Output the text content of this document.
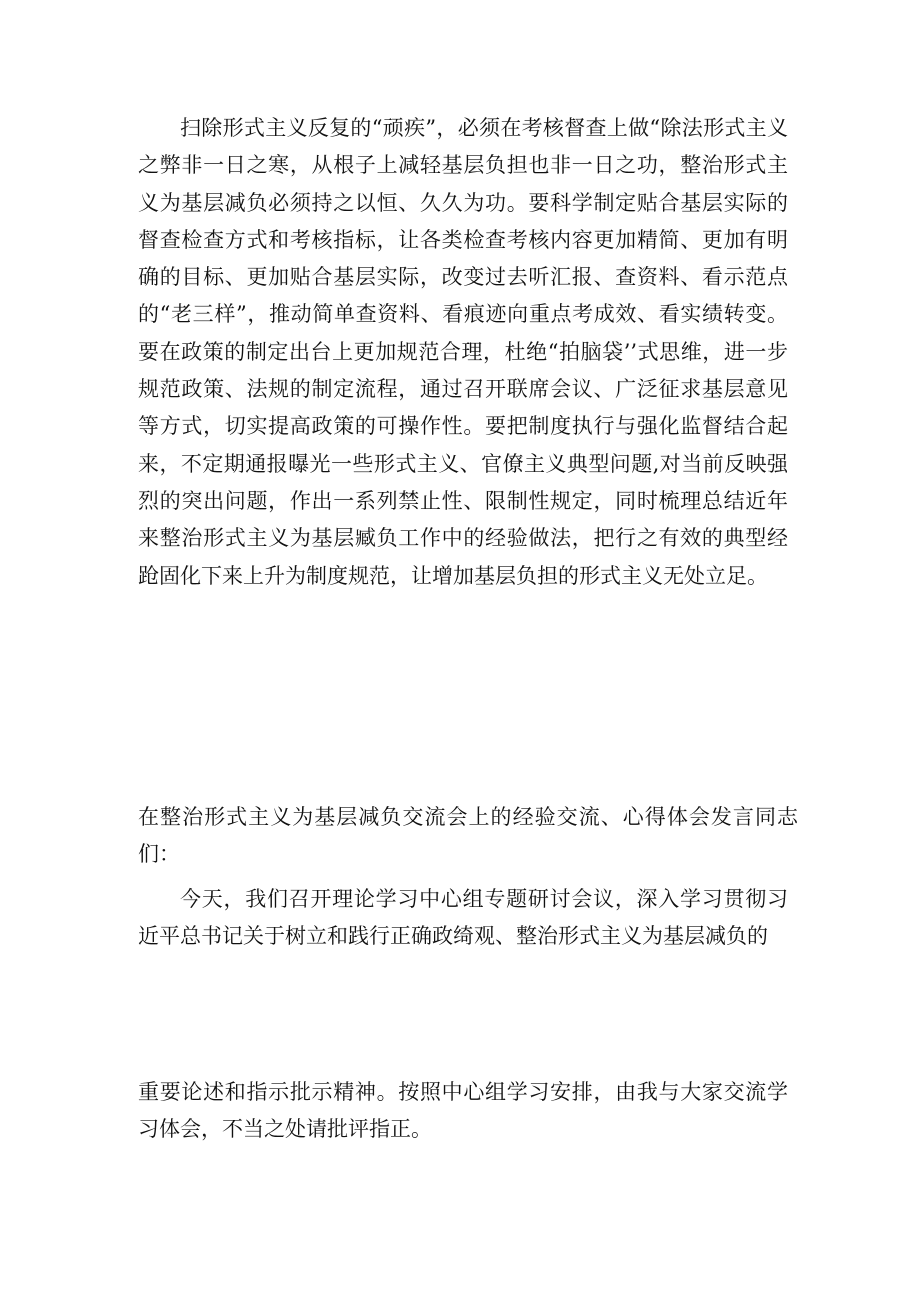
扫除形式主义反复的“顽疾”，必须在考核督查上做“除法形式主义之弊非一日之寒，从根子上减轻基层负担也非一日之功，整治形式主义为基层减负必须持之以恒、久久为功。要科学制定贴合基层实际的督查检查方式和考核指标，让各类检查考核内容更加精简、更加有明确的目标、更加贴合基层实际，改变过去听汇报、查资料、看示范点的“老三样”，推动简单查资料、看痕迹向重点考成效、看实绩转变。要在政策的制定出台上更加规范合理，杜绝“拍脑袋’’式思维，进一步规范政策、法规的制定流程，通过召开联席会议、广泛征求基层意见等方式，切实提高政策的可操作性。要把制度执行与强化监督结合起来，不定期通报曝光一些形式主义、官僚主义典型问题,对当前反映强烈的突出问题，作出一系列禁止性、限制性规定，同时梳理总结近年来整治形式主义为基层臧负工作中的经验做法，把行之有效的典型经跄固化下来上升为制度规范，让增加基层负担的形式主义无处立足。

在整治形式主义为基层减负交流会上的经验交流、心得体会发言同志们：

今天，我们召开理论学习中心组专题研讨会议，深入学习贯彻习近平总书记关于树立和践行正确政绮观、整治形式主义为基层减负的

重要论述和指示批示精神。按照中心组学习安排，由我与大家交流学习体会，不当之处请批评指正。
